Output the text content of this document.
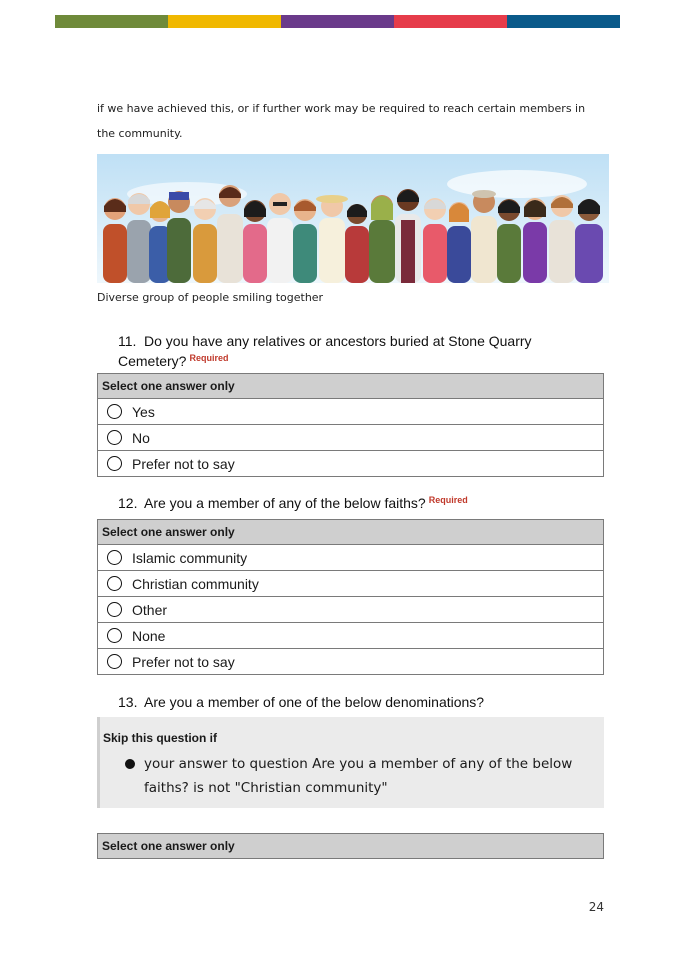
if we have achieved this, or if further work may be required to reach certain members in the community.
Diverse group of people smiling together
11. Do you have any relatives or ancestors buried at Stone Quarry Cemetery? $^{Required}$
Select one answer only
Yes
No
Prefer not to say
12. Are you a member of any of the below faiths? $^{Required}$
Select one answer only
Islamic community
Christian community
Other
None
Prefer not to say
13. Are you a member of one of the below denominations?
Skip this question if
your answer to question Are you a member of any of the below faiths? is not "Christian community"
Select one answer only
24
